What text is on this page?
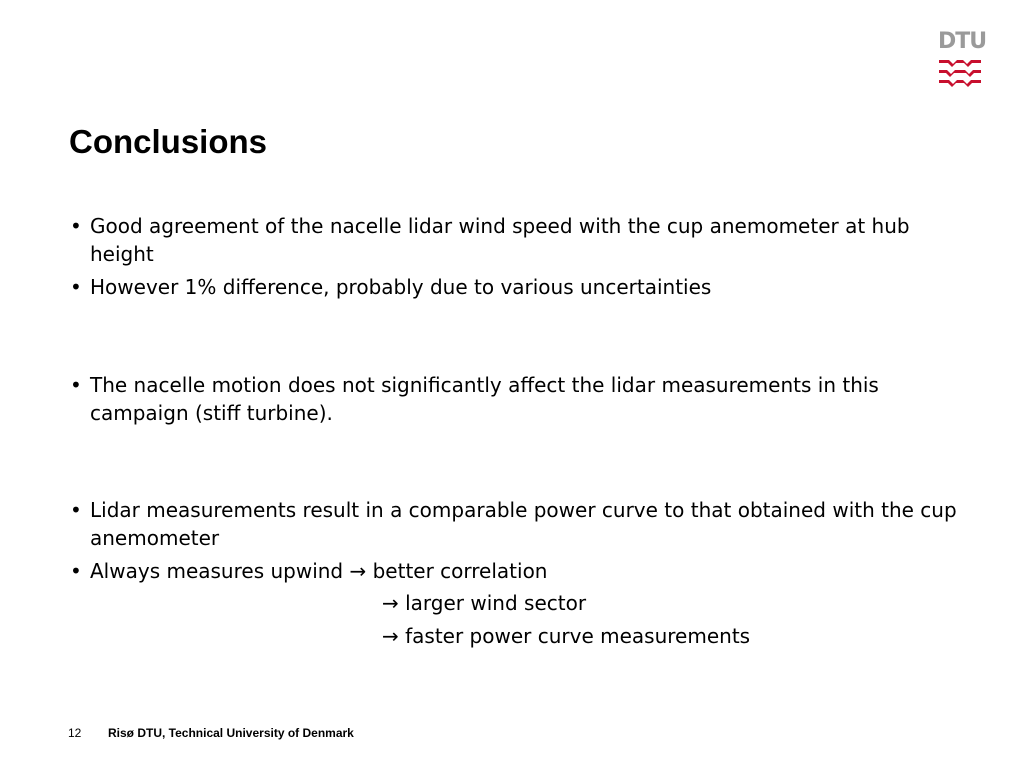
DTU
Conclusions
• Good agreement of the nacelle lidar wind speed with the cup anemometer at hub height
• However 1% difference, probably due to various uncertainties
• The nacelle motion does not significantly affect the lidar measurements in this campaign (stiff turbine).
• Lidar measurements result in a comparable power curve to that obtained with the cup anemometer
• Always measures upwind → better correlation
→ larger wind sector
→ faster power curve measurements
12 Risø DTU, Technical University of Denmark
